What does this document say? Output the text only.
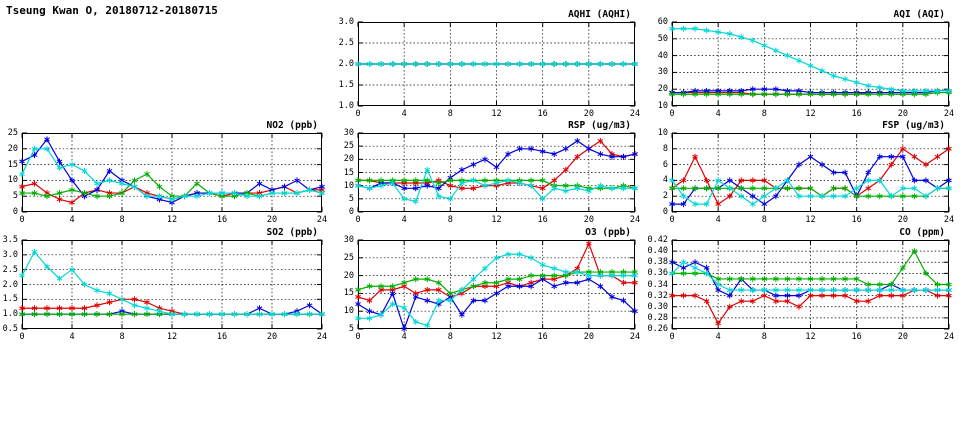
Tseung Kwan O, 20180712-20180715	AQHI (AQHI)
1.0
1.5
2.0
2.5
3.0
0	4	8	12	16	20	24
AQI (AQI)
10
20
30
40
50
60
0	4	8	12	16	20	24
NO2 (ppb)
0
5
10
15
20
25
0	4	8	12	16	20	24
RSP (ug/m3)
0
5
10
15
20
25
30
0	4	8	12	16	20	24
FSP (ug/m3)
0
2
4
6
8
10
0	4	8	12	16	20	24
SO2 (ppb)
0.5
1.0
1.5
2.0
2.5
3.0
3.5
0	4	8	12	16	20	24
O3 (ppb)
5
10
15
20
25
30
0	4	8	12	16	20	24
CO (ppm)
0.26
0.28
0.30
0.32
0.34
0.36
0.38
0.40
0.42
0	4	8	12	16	20	24
